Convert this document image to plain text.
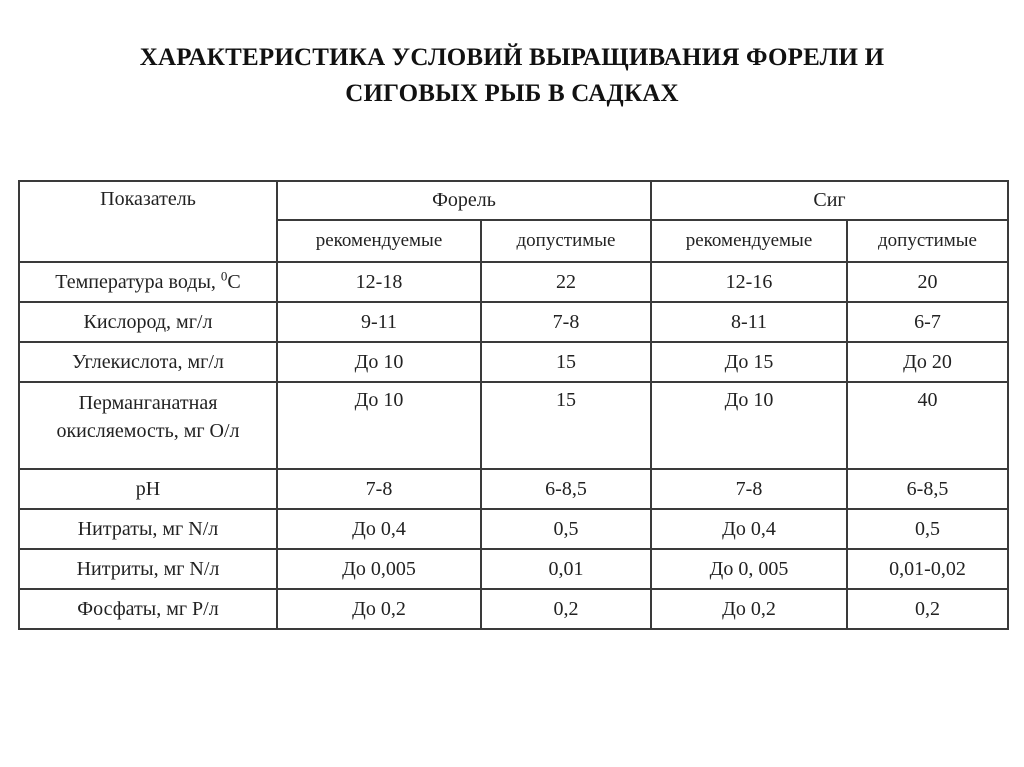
ХАРАКТЕРИСТИКА УСЛОВИЙ ВЫРАЩИВАНИЯ ФОРЕЛИ И
СИГОВЫХ РЫБ В САДКАХ
Показатель	Форель		Сиг	
	рекомендуемые	допустимые	рекомендуемые	допустимые
Температура воды, $^0$С	12-18	22	12-16	20
Кислород, мг/л	9-11	7-8	8-11	6-7
Углекислота, мг/л	До 10	15	До 15	До 20

Перманганатная
окисляемость, мг О/л	До 10	15	До 10	40
pH	7-8	6-8,5	7-8	6-8,5
Нитраты, мг N/л	До 0,4	0,5	До 0,4	0,5
Нитриты, мг N/л	До 0,005	0,01	До 0, 005	0,01-0,02
Фосфаты, мг Р/л	До 0,2	0,2	До 0,2	0,2
